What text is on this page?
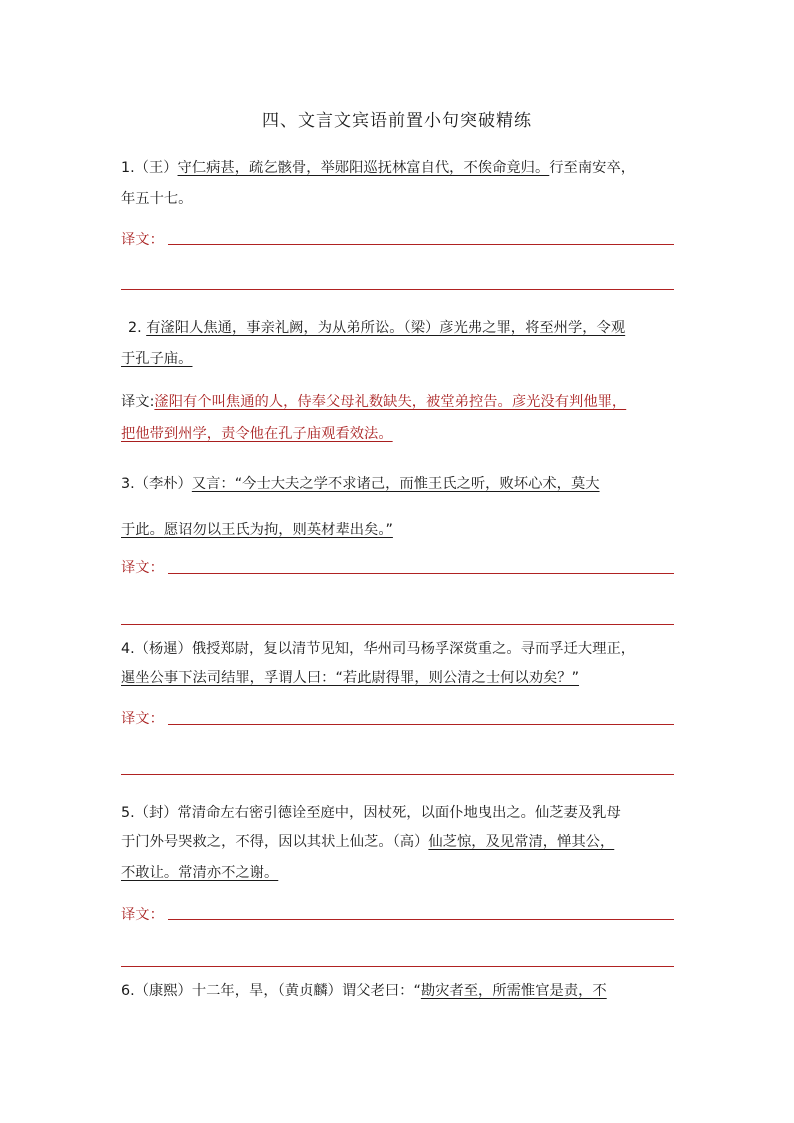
四、文言文宾语前置小句突破精练
1.（王）守仁病甚，疏乞骸骨，举郧阳巡抚林富自代，不俟命竟归。行至南安卒，
年五十七。
译文：
2. 有滏阳人焦通，事亲礼阙，为从弟所讼。（梁）彦光弗之罪，将至州学，令观
于孔子庙。
译文:滏阳有个叫焦通的人，侍奉父母礼数缺失，被堂弟控告。彦光没有判他罪，
把他带到州学，责令他在孔子庙观看效法。
3.（李朴）又言：“今士大夫之学不求诸己，而惟王氏之听，败坏心术，莫大
于此。愿诏勿以王氏为拘，则英材辈出矣。”
译文：
4.（杨暹）俄授郑尉，复以清节见知，华州司马杨孚深赏重之。寻而孚迁大理正，
暹坐公事下法司结罪，孚谓人曰：“若此尉得罪，则公清之士何以劝矣？”
译文：
5.（封）常清命左右密引德诠至庭中，因杖死，以面仆地曳出之。仙芝妻及乳母
于门外号哭救之，不得，因以其状上仙芝。（高）仙芝惊，及见常清，惮其公，
不敢让。常清亦不之谢。
译文：
6.（康熙）十二年，旱，（黄贞麟）谓父老曰：“勘灾者至，所需惟官是责，不
